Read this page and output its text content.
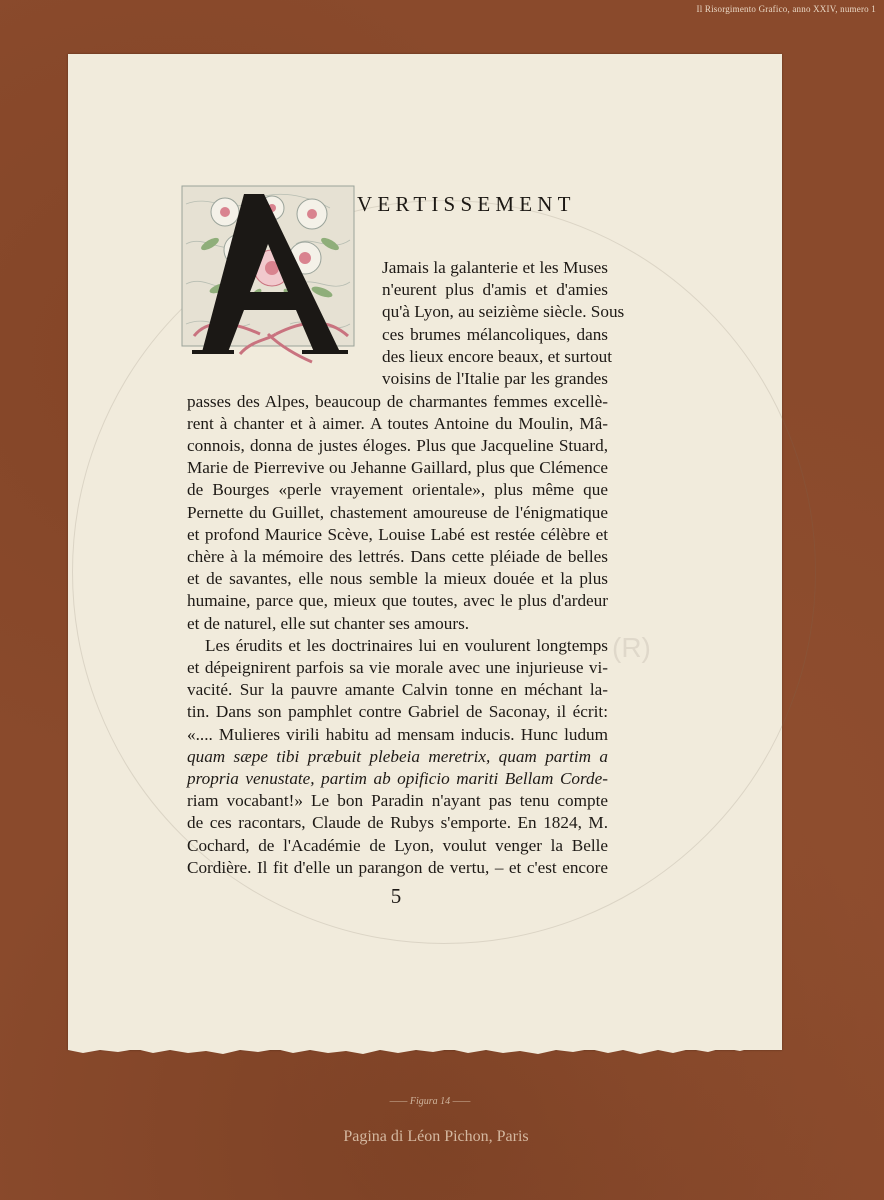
Il Risorgimento Grafico, anno XXIV, numero 1
(R)
VERTISSEMENT
Jamais la galanterie et les Muses
n'eurent plus d'amis et d'amies
qu'à Lyon, au seizième siècle. Sous
ces brumes mélancoliques, dans
des lieux encore beaux, et surtout
voisins de l'Italie par les grandes
passes des Alpes, beaucoup de charmantes femmes excellè-
rent à chanter et à aimer. A toutes Antoine du Moulin, Mâ-
connois, donna de justes éloges. Plus que Jacqueline Stuard,
Marie de Pierrevive ou Jehanne Gaillard, plus que Clémence
de Bourges «perle vrayement orientale», plus même que
Pernette du Guillet, chastement amoureuse de l'énigmatique
et profond Maurice Scève, Louise Labé est restée célèbre et
chère à la mémoire des lettrés. Dans cette pléiade de belles
et de savantes, elle nous semble la mieux douée et la plus
humaine, parce que, mieux que toutes, avec le plus d'ardeur
et de naturel, elle sut chanter ses amours.
Les érudits et les doctrinaires lui en voulurent longtemps
et dépeignirent parfois sa vie morale avec une injurieuse vi-
vacité. Sur la pauvre amante Calvin tonne en méchant la-
tin. Dans son pamphlet contre Gabriel de Saconay, il écrit:
«.... Mulieres virili habitu ad mensam inducis. Hunc ludum
quam sæpe tibi præbuit plebeia meretrix, quam partim a
propria venustate, partim ab opificio mariti Bellam Corde-
riam vocabant!» Le bon Paradin n'ayant pas tenu compte
de ces racontars, Claude de Rubys s'emporte. En 1824, M.
Cochard, de l'Académie de Lyon, voulut venger la Belle
Cordière. Il fit d'elle un parangon de vertu, – et c'est encore
5
—— Figura 14 ——
Pagina di Léon Pichon, Paris
